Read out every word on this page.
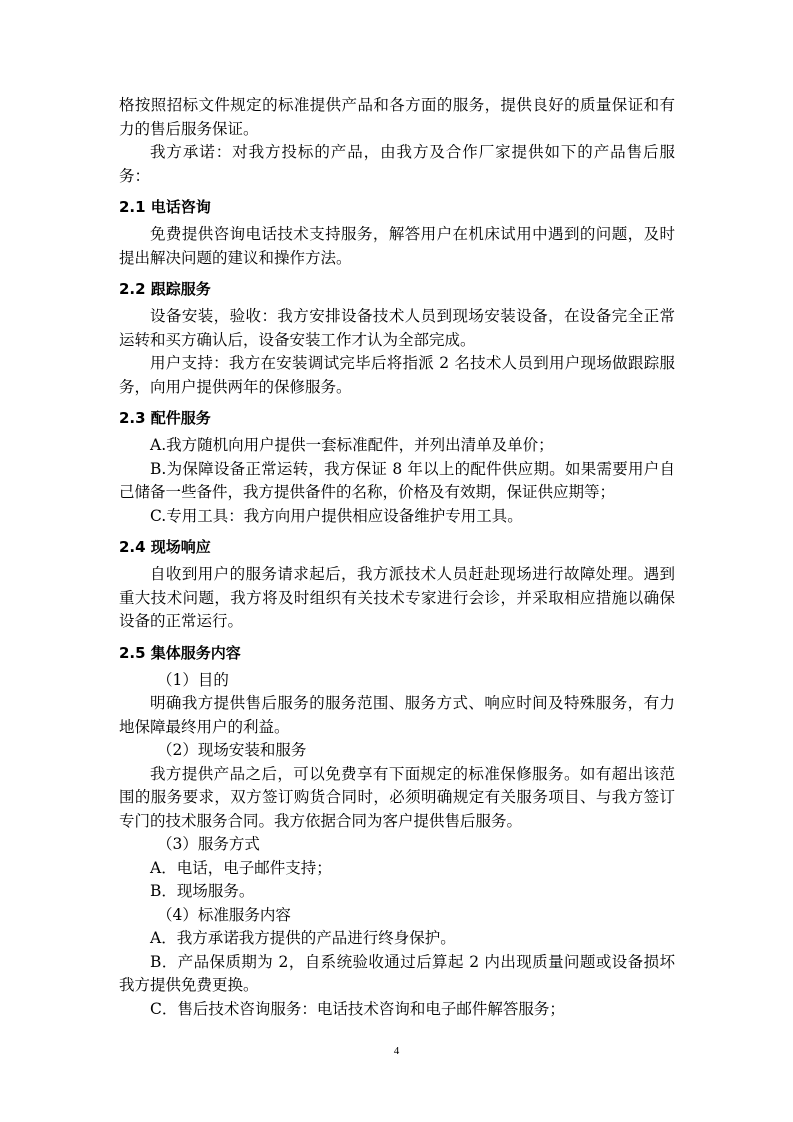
格按照招标文件规定的标准提供产品和各方面的服务，提供良好的质量保证和有力的售后服务保证。

我方承诺：对我方投标的产品，由我方及合作厂家提供如下的产品售后服务：

2.1 电话咨询

免费提供咨询电话技术支持服务，解答用户在机床试用中遇到的问题，及时提出解决问题的建议和操作方法。

2.2 跟踪服务

设备安装，验收：我方安排设备技术人员到现场安装设备，在设备完全正常运转和买方确认后，设备安装工作才认为全部完成。

用户支持：我方在安装调试完毕后将指派 2 名技术人员到用户现场做跟踪服务，向用户提供两年的保修服务。

2.3 配件服务

A.我方随机向用户提供一套标准配件，并列出清单及单价；

B.为保障设备正常运转，我方保证 8 年以上的配件供应期。如果需要用户自己储备一些备件，我方提供备件的名称，价格及有效期，保证供应期等；

C.专用工具：我方向用户提供相应设备维护专用工具。

2.4 现场响应

自收到用户的服务请求起后，我方派技术人员赶赴现场进行故障处理。遇到重大技术问题，我方将及时组织有关技术专家进行会诊，并采取相应措施以确保设备的正常运行。

2.5 集体服务内容

（1）目的

明确我方提供售后服务的服务范围、服务方式、响应时间及特殊服务，有力地保障最终用户的利益。

（2）现场安装和服务

我方提供产品之后，可以免费享有下面规定的标准保修服务。如有超出该范围的服务要求，双方签订购货合同时，必须明确规定有关服务项目、与我方签订专门的技术服务合同。我方依据合同为客户提供售后服务。

（3）服务方式

A．电话，电子邮件支持；

B．现场服务。

（4）标准服务内容

A．我方承诺我方提供的产品进行终身保护。

B．产品保质期为 2，自系统验收通过后算起 2 内出现质量问题或设备损坏我方提供免费更换。

C．售后技术咨询服务：电话技术咨询和电子邮件解答服务；

4
